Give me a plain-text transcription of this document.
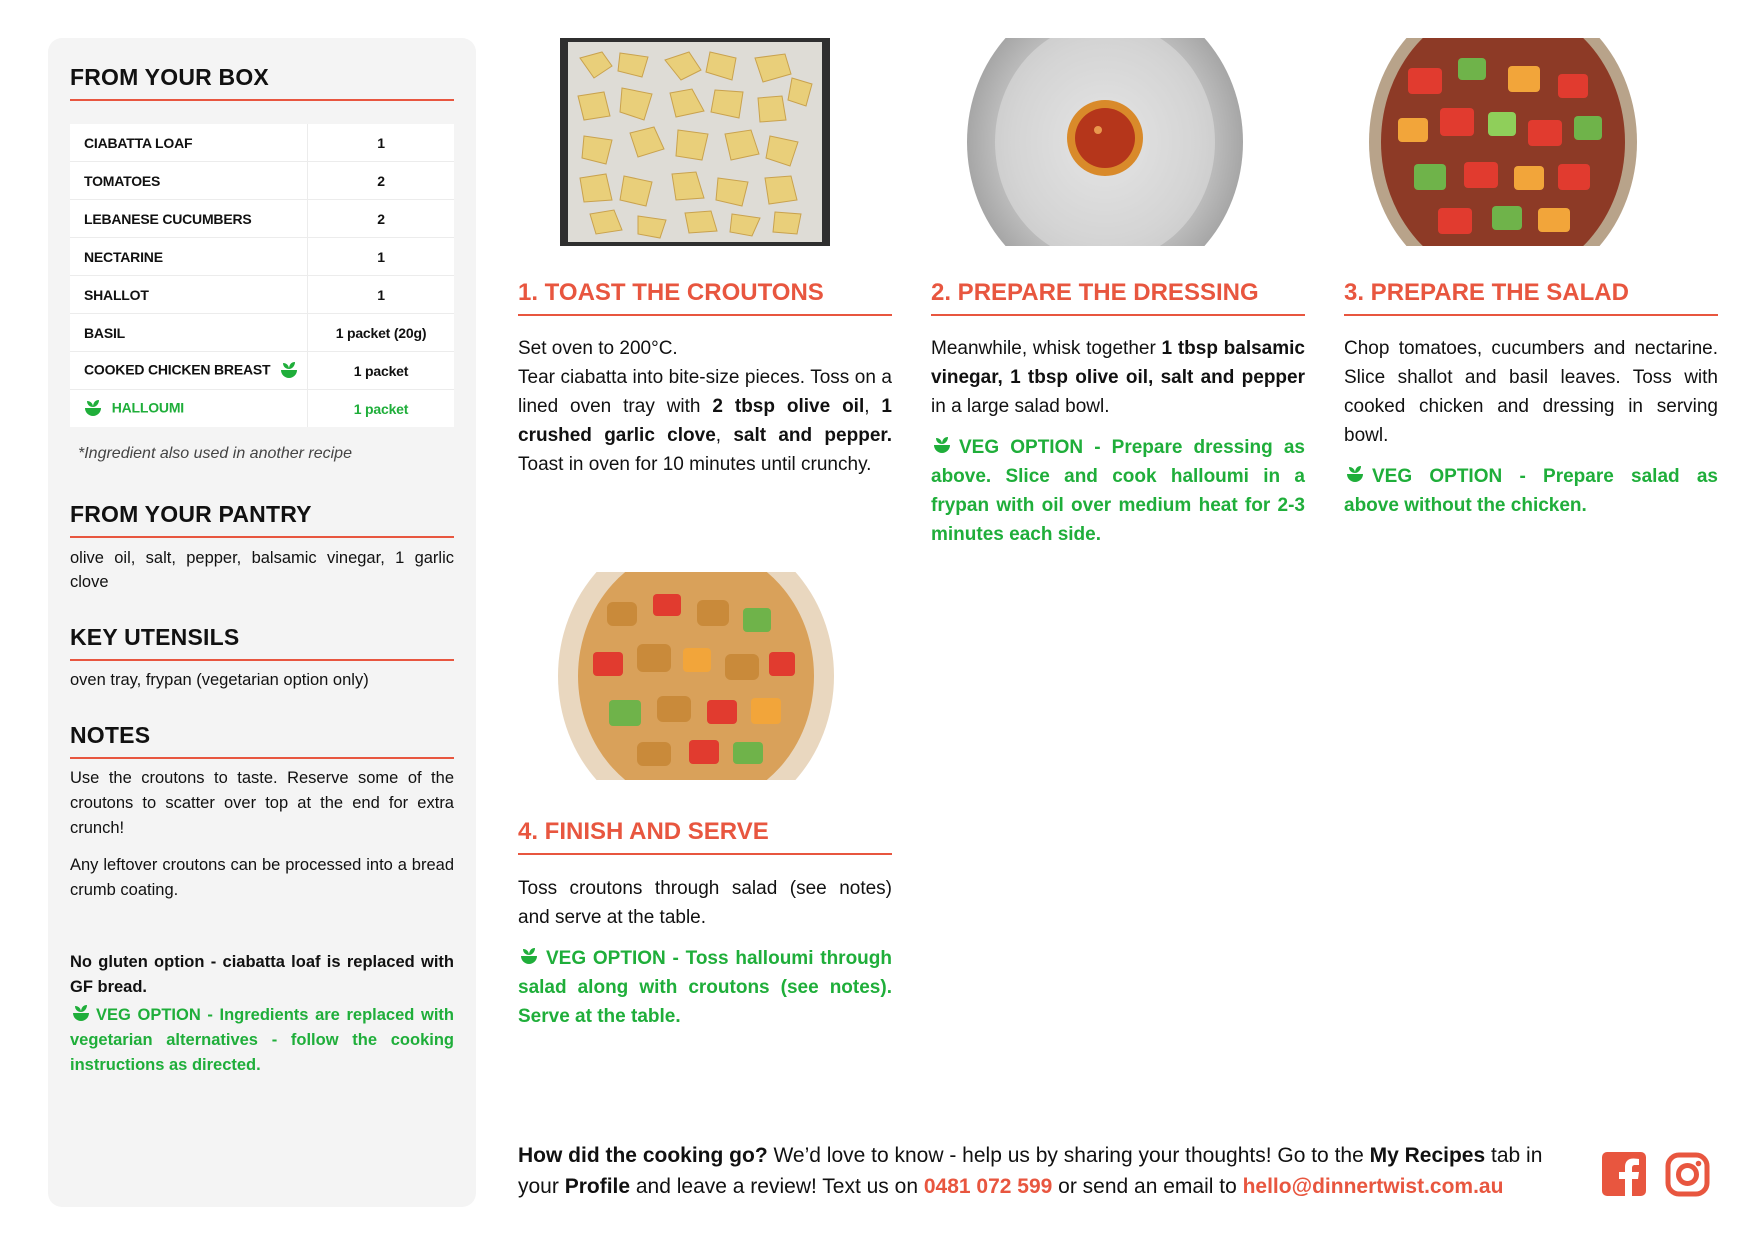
FROM YOUR BOX
CIABATTA LOAF	1
TOMATOES	2
LEBANESE CUCUMBERS	2
NECTARINE	1
SHALLOT	1
BASIL	1 packet (20g)
COOKED CHICKEN BREAST	1 packet
HALLOUMI	1 packet
*Ingredient also used in another recipe
FROM YOUR PANTRY

olive oil, salt, pepper, balsamic vinegar, 1 garlic clove

KEY UTENSILS

oven tray, frypan (vegetarian option only)

NOTES

Use the croutons to taste. Reserve some of the croutons to scatter over top at the end for extra crunch!

Any leftover croutons can be processed into a bread crumb coating.

No gluten option - ciabatta loaf is replaced with GF bread.

VEG OPTION - Ingredients are replaced with vegetarian alternatives - follow the cooking instructions as directed.

1. TOAST THE CROUTONS

Set oven to 200°C.
Tear ciabatta into bite-size pieces. Toss on a lined oven tray with 2 tbsp olive oil, 1 crushed garlic clove, salt and pepper. Toast in oven for 10 minutes until crunchy.

2. PREPARE THE DRESSING

Meanwhile, whisk together 1 tbsp balsamic vinegar, 1 tbsp olive oil, salt and pepper in a large salad bowl.

VEG OPTION - Prepare dressing as above. Slice and cook halloumi in a frypan with oil over medium heat for 2-3 minutes each side.

3. PREPARE THE SALAD

Chop tomatoes, cucumbers and nectarine. Slice shallot and basil leaves. Toss with cooked chicken and dressing in serving bowl.

VEG OPTION - Prepare salad as above without the chicken.

4. FINISH AND SERVE

Toss croutons through salad (see notes) and serve at the table.

VEG OPTION - Toss halloumi through salad along with croutons (see notes). Serve at the table.

How did the cooking go? We’d love to know - help us by sharing your thoughts! Go to the My Recipes tab in your Profile and leave a review! Text us on 0481 072 599 or send an email to hello@dinnertwist.com.au
